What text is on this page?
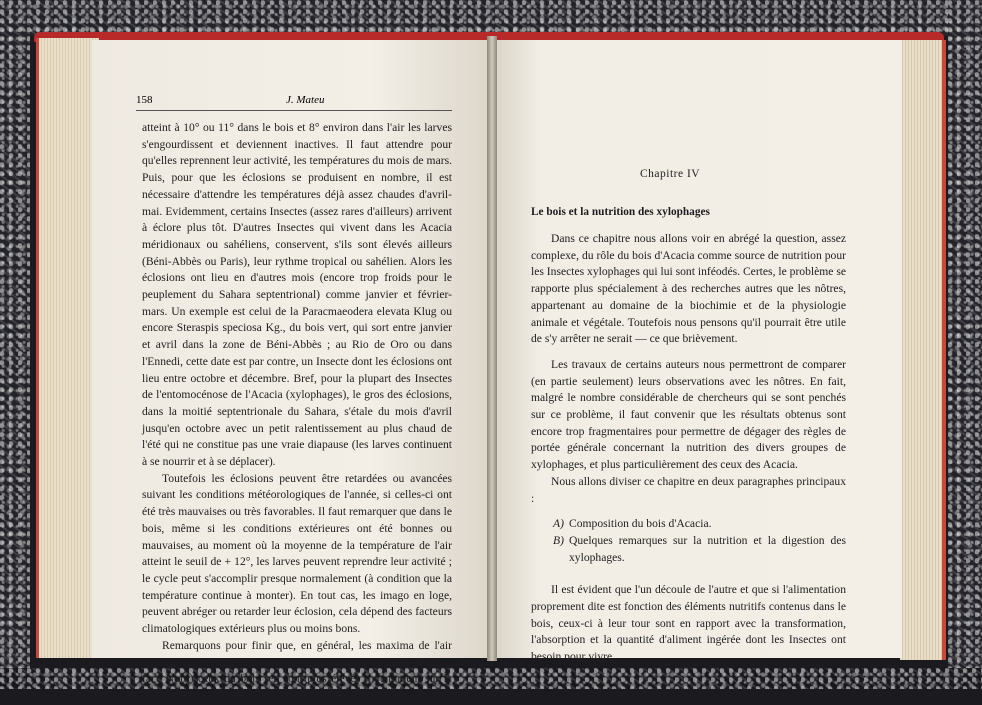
158	J. Mateu

atteint à 10° ou 11° dans le bois et 8° environ dans l'air les larves s'engourdissent et deviennent inactives. Il faut attendre pour qu'elles reprennent leur activité, les températures du mois de mars. Puis, pour que les éclosions se produisent en nombre, il est nécessaire d'attendre les températures déjà assez chaudes d'avril-mai. Evidemment, certains Insectes (assez rares d'ailleurs) arrivent à éclore plus tôt. D'autres Insectes qui vivent dans les Acacia méridionaux ou sahéliens, conservent, s'ils sont élevés ailleurs (Béni-Abbès ou Paris), leur rythme tropical ou sahélien. Alors les éclosions ont lieu en d'autres mois (encore trop froids pour le peuplement du Sahara septentrional) comme janvier et février-mars. Un exemple est celui de la Paracmaeodera elevata Klug ou encore Steraspis speciosa Kg., du bois vert, qui sort entre janvier et avril dans la zone de Béni-Abbès ; au Rio de Oro ou dans l'Ennedi, cette date est par contre, un Insecte dont les éclosions ont lieu entre octobre et décembre. Bref, pour la plupart des Insectes de l'entomocénose de l'Acacia (xylophages), le gros des éclosions, dans la moitié septentrionale du Sahara, s'étale du mois d'avril jusqu'en octobre avec un petit ralentissement au plus chaud de l'été qui ne constitue pas une vraie diapause (les larves continuent à se nourrir et à se déplacer).

Toutefois les éclosions peuvent être retardées ou avancées suivant les conditions météorologiques de l'année, si celles-ci ont été très mauvaises ou très favorables. Il faut remarquer que dans le bois, même si les conditions extérieures ont été bonnes ou mauvaises, au moment où la moyenne de la température de l'air atteint le seuil de + 12°, les larves peuvent reprendre leur activité ; le cycle peut s'accomplir presque normalement (à condition que la température continue à monter). En tout cas, les imago en loge, peuvent abréger ou retarder leur éclosion, cela dépend des facteurs climatologiques extérieurs plus ou moins bons.

Remarquons pour finir que, en général, les maxima de l'air sont égaux ou supérieurs à ceux du bois vert (notamment sur la face Nord) ceux du bois sec sont plus élevés (notamment sur la face Sud) que ceux de l'air (voir graphiques).

Chapitre IV
Le bois et la nutrition des xylophages

Dans ce chapitre nous allons voir en abrégé la question, assez complexe, du rôle du bois d'Acacia comme source de nutrition pour les Insectes xylophages qui lui sont inféodés. Certes, le problème se rapporte plus spécialement à des recherches autres que les nôtres, appartenant au domaine de la biochimie et de la physiologie animale et végétale. Toutefois nous pensons qu'il pourrait être utile de s'y arrêter ne serait — ce que brièvement.

Les travaux de certains auteurs nous permettront de comparer (en partie seulement) leurs observations avec les nôtres. En fait, malgré le nombre considérable de chercheurs qui se sont penchés sur ce problème, il faut convenir que les résultats obtenus sont encore trop fragmentaires pour permettre de dégager des règles de portée générale concernant la nutrition des divers groupes de xylophages, et plus particulièrement des ceux des Acacia.

Nous allons diviser ce chapitre en deux paragraphes principaux :

A) Composition du bois d'Acacia.
B) Quelques remarques sur la nutrition et la digestion des xylophages.

Il est évident que l'un découle de l'autre et que si l'alimentation proprement dite est fonction des éléments nutritifs contenus dans le bois, ceux-ci à leur tour sont en rapport avec la transformation, l'absorption et la quantité d'aliment ingérée dont les Insectes ont besoin pour vivre.
